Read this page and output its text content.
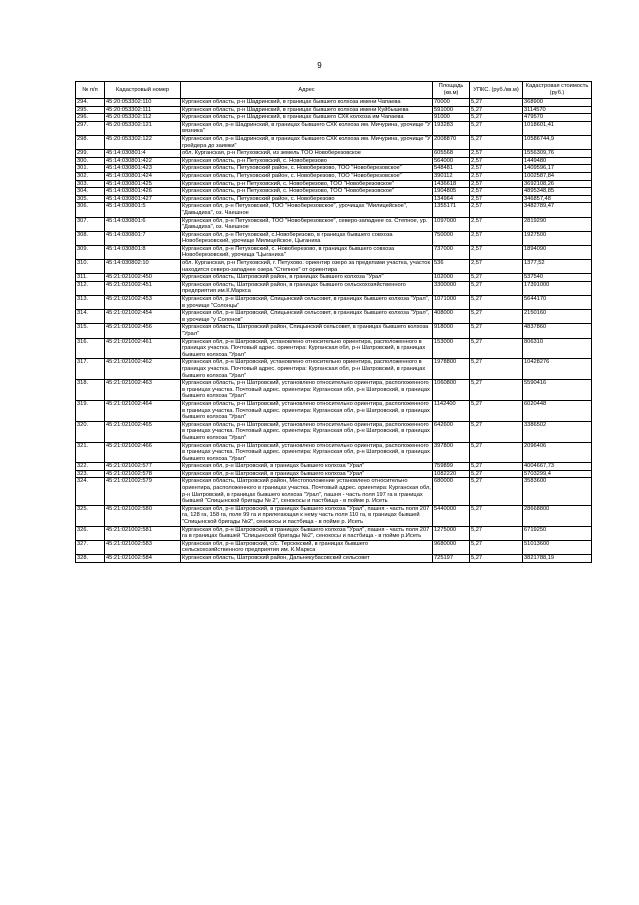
9
№ п/п	Кадастровый номер	Адрес	Площадь (кв.м)	УПКС. (руб./кв.м)	Кадастровая стоимость (руб.)
294.	45:20:053302:110	Курганская область, р-н Шадринский, в границах бывшего колхоза имени Чапаева	70000	5,27	368900
295.	45:20:053302:111	Курганская область, р-н Шадринский, в границах бывшего колхоза имени Куйбышева	591000	5,27	3114570
296.	45:20:053302:112	Курганская область, р-н Шадринский, в границах бывшего СХК колхоза им Чапаева	91000	5,27	479570
297.	45:20:053302:121	Курганская обл, р-н Шадринский, в границах бывшего СХК колхоза им. Мичурина, урочище "У вязника"	193283	5,27	1018601,41
298.	45:20:053302:122	Курганская обл, р-н Шадринский, в границах бывшего СХК колхоза им. Мичурина, урочище "У грейдера до заимки"	2008870	5,27	10586744,9
299.	45:14:030801:4	обл. Курганская, р-н Петуховский, из земель ТОО Новоберезовское	605568	2,57	1556309,76
300.	45:14:030801:422	Курганская область, р-н Петуховский, с. Новоберезово	564000	2,57	1449480
301.	45:14:030801:423	Курганская область, Петуховский район, с. Новоберезово, ТОО "Новоберезовское"	548481	2,57	1409596,17
302.	45:14:030801:424	Курганская область, Петуховский район, с. Новоберезово, ТОО "Новоберезовское"	390112	2,57	1002587,84
303.	45:14:030801:425	Курганская область, р-н Петуховский, с. Новоберезово, ТОО "Новоберезовское"	1436618	2,57	3692108,26
304.	45:14:030801:426	Курганская область, р-н Петуховский, с. Новоберезово, ТОО "Новоберезовское"	1904805	2,57	4895348,85
305.	45:14:030801:427	Курганская область, Петуховский район, с. Новоберезово	134964	2,57	346857,48
306.	45:14:030801:5	Курганская обл, р-н Петуховский, ТОО "Новоберезовское", урочищах "Милицейское", "Давыдиха", оз. Чаешное	1355171	2,57	3482789,47
307.	45:14:030801:6	Курганская обл, р-н Петуховский, ТОО "Новоберезовское", северо-западнее оз. Степное, ур. "Давыдиха", оз. Чаешное	1097000	2,57	2819290
308.	45:14:030801:7	Курганская обл, р-н Петуховский, с.Новоберезово, в границах бывшего совхоза Новоберезовский, урочище Милицейское, Цыганиха	750000	2,57	1927500
309.	45:14:030801:8	Курганская обл, р-н Петуховский, с. Новоберезово, в границах бывшего совхоза Новоберезовский, урочища "Цыганиха"	737000	2,57	1894090
310.	45:14:030802:10	обл. Курганская, р-н Петуховский, г. Петухово. ориентир озеро за пределами участка, участок находится северо-западнее озера "Степное" от ориентира	536	2,57	1377,52
311.	45:21:021002:450	Курганская область, Шатровский район, в границах бывшего колхоза "Урал"	102000	5,27	537540
312.	45:21:021002:451	Курганская область, Шатровский район, в границах бывшего сельскохозяйственного предприятия им.К.Маркса	3300000	5,27	17391000
313.	45:21:021002:453	Курганская обл, р-н Шатровский, Спицынский сельсовет, в границах бывшего колхоза "Урал", в урочище "Солонцы"	1071000	5,27	5644170
314.	45:21:021002:454	Курганская обл, р-н Шатровский, Спицынский сельсовет, в границах бывшего колхоза "Урал", в урочище "у Солонов"	408000	5,27	2150160
315.	45:21:021002:456	Курганская область, Шатровский район, Спицынский сельсовет, в границах бывшего колхоза "Урал"	918000	5,27	4837860
316.	45:21:021002:461	Курганская обл, р-н Шатровский, установлено относительно ориентира, расположенного в границах участка. Почтовый адрес. ориентира: Курганская обл, р-н Шатровский, в границах бывшего колхоза "Урал"	153000	5,27	806310
317.	45:21:021002:462	Курганская обл, р-н Шатровский, установлено относительно ориентира, расположенного в границах участка. Почтовый адрес. ориентира: Курганская обл, р-н Шатровский, в границах бывшего колхоза "Урал"	1978800	5,27	10428276
318.	45:21:021002:463	Курганская область, р-н Шатровский, установлено относительно ориентира, расположенного в границах участка. Почтовый адрес. ориентира: Курганская обл, р-н Шатровский, в границах бывшего колхоза "Урал"	1060800	5,27	5590416
319.	45:21:021002:464	Курганская область, р-н Шатровский, установлено относительно ориентира, расположенного в границах участка. Почтовый адрес. ориентира: Курганская обл, р-н Шатровский, в границах бывшего колхоза "Урал"	1142400	5,27	6020448
320.	45:21:021002:465	Курганская область, р-н Шатровский, установлено относительно ориентира, расположенного в границах участка. Почтовый адрес. ориентира: Курганская обл, р-н Шатровский, в границах бывшего колхоза "Урал"	642600	5,27	3386502
321.	45:21:021002:466	Курганская область, р-н Шатровский, установлено относительно ориентира, расположенного в границах участка. Почтовый адрес. ориентира: Курганская обл, р-н Шатровский, в границах бывшего колхоза "Урал"	397800	5,27	2096406
322.	45:21:021002:577	Курганская обл, р-н Шатровский, в границах бывшего колхоза "Урал"	759899	5,27	4004667,73
323.	45:21:021002:578	Курганская обл, р-н Шатровский, в границах бывшего колхоза "Урал"	1082220	5,27	5703299,4
324.	45:21:021002:579	Курганская область, Шатровский район, Местоположение установлено относительно ориентира, расположенного в границах участка. Почтовый адрес. ориентира: Курганская обл, р-н Шатровский, в границах бывшего колхоза "Урал", пашня - часть поля 197 га в границах бывшей "Спицынской бригады № 2", сенокосы и пастбища - в пойме р. Исеть	680000	5,27	3583600
325.	45:21:021002:580	Курганская обл, р-н Шатровский, в границах бывшего колхоза "Урал", пашня - часть поля 207 га, 128 га, 158 га, поле 99 га и прилегающая к нему часть поля 110 га, в границах бывшей "Спицынской бригады №2", сенокосы и пастбища - в пойме р. Исеть	5440000	5,27	28668800
326.	45:21:021002:581	Курганская обл, р-н Шатровский, в границах бывшего колхоза "Урал", пашня - часть поля 207 га в границах бывшей "Спицынской бригады №2", сенокосы и пастбища - в пойме р.Исеть	1275000	5,27	6719250
327.	45:21:021002:583	Курганская обл, р-н Шатровский, с/с. Терсюкский, в границах бывшего сельскохозяйственного предприятия им. К.Маркса	9680000	5,27	51013600
328.	45:21:021002:584	Курганская область, Шатровский район, Дальнекубасовский сельсовет	725197	5,27	3821788,19
